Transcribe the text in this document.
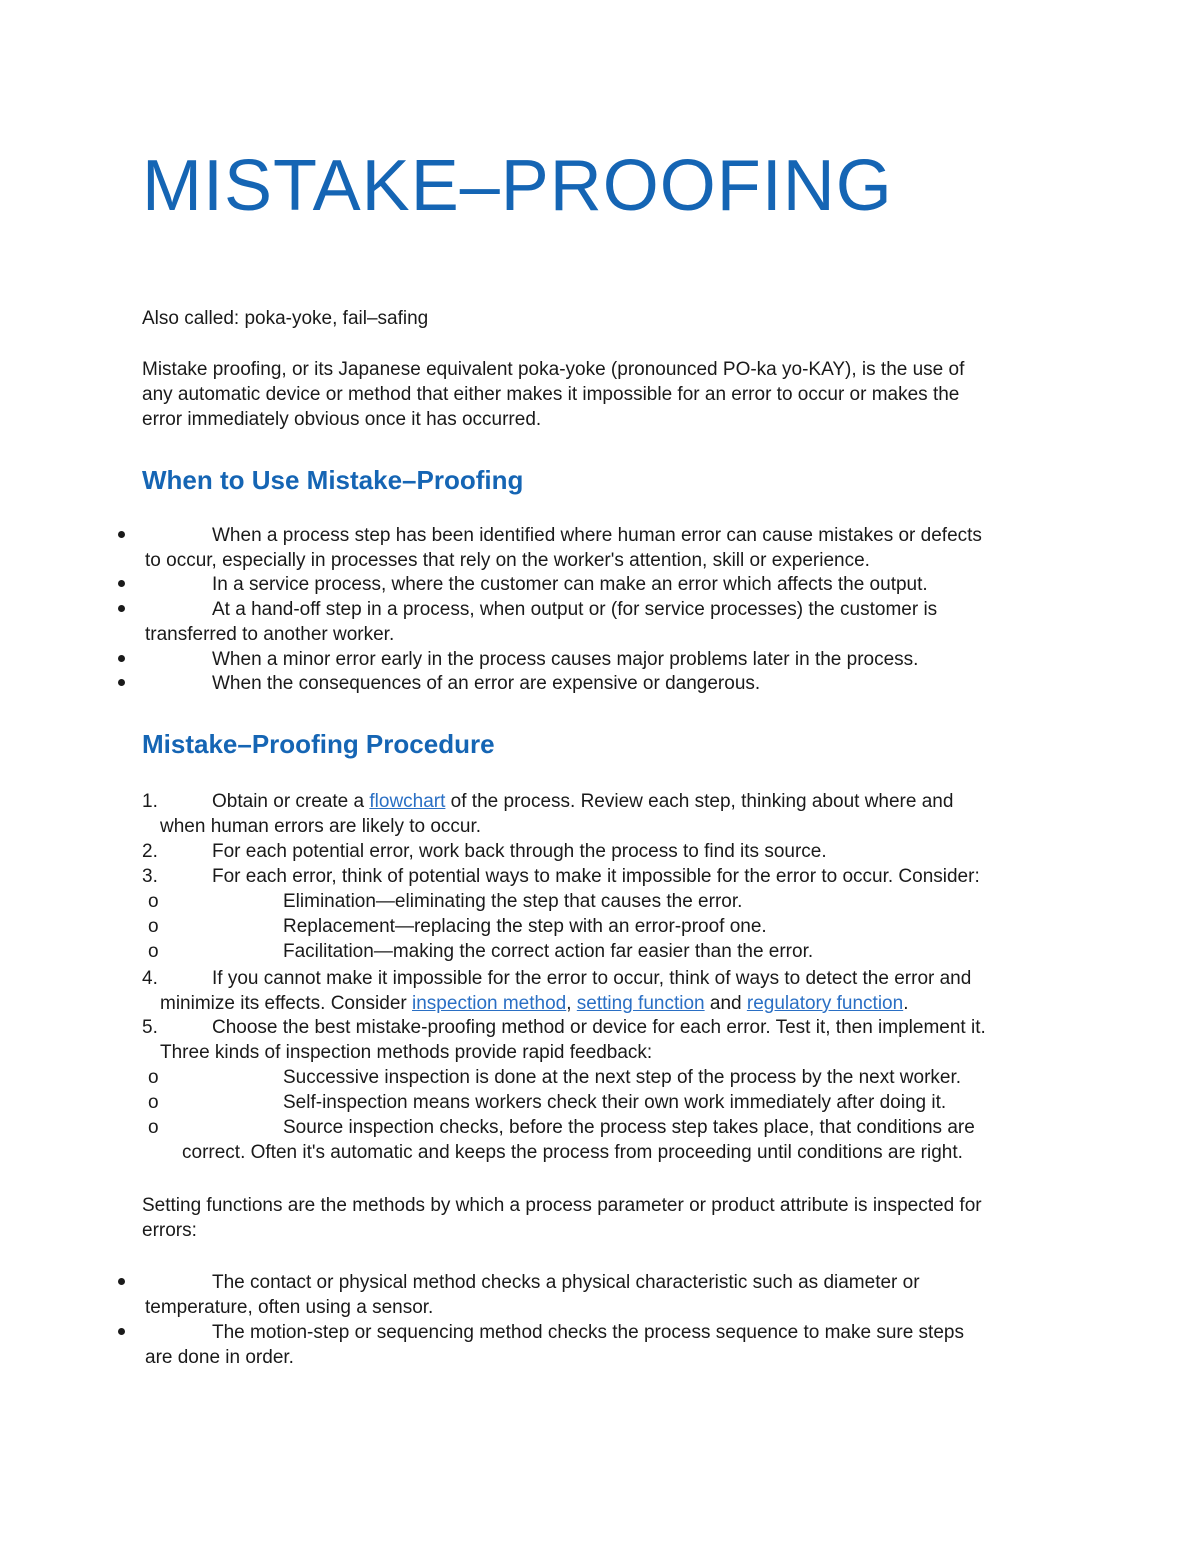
MISTAKE–PROOFING

Also called: poka-yoke, fail–safing

Mistake proofing, or its Japanese equivalent poka-yoke (pronounced PO-ka yo-KAY), is the use of
any automatic device or method that either makes it impossible for an error to occur or makes the
error immediately obvious once it has occurred.
When to Use Mistake–Proofing
When a process step has been identified where human error can cause mistakes or defects
to occur, especially in processes that rely on the worker's attention, skill or experience.
In a service process, where the customer can make an error which affects the output.
At a hand-off step in a process, when output or (for service processes) the customer is
transferred to another worker.
When a minor error early in the process causes major problems later in the process.
When the consequences of an error are expensive or dangerous.
Mistake–Proofing Procedure
1.	Obtain or create a flowchart of the process. Review each step, thinking about where and
when human errors are likely to occur.
2.	For each potential error, work back through the process to find its source.
3.	For each error, think of potential ways to make it impossible for the error to occur. Consider:
o	Elimination—eliminating the step that causes the error.
o	Replacement—replacing the step with an error-proof one.
o	Facilitation—making the correct action far easier than the error.
4.	If you cannot make it impossible for the error to occur, think of ways to detect the error and
minimize its effects. Consider inspection method, setting function and regulatory function.
5.	Choose the best mistake-proofing method or device for each error. Test it, then implement it.
Three kinds of inspection methods provide rapid feedback:
o	Successive inspection is done at the next step of the process by the next worker.
o	Self-inspection means workers check their own work immediately after doing it.
o	Source inspection checks, before the process step takes place, that conditions are
correct. Often it's automatic and keeps the process from proceeding until conditions are right.
Setting functions are the methods by which a process parameter or product attribute is inspected for
errors:
The contact or physical method checks a physical characteristic such as diameter or
temperature, often using a sensor.
The motion-step or sequencing method checks the process sequence to make sure steps
are done in order.
